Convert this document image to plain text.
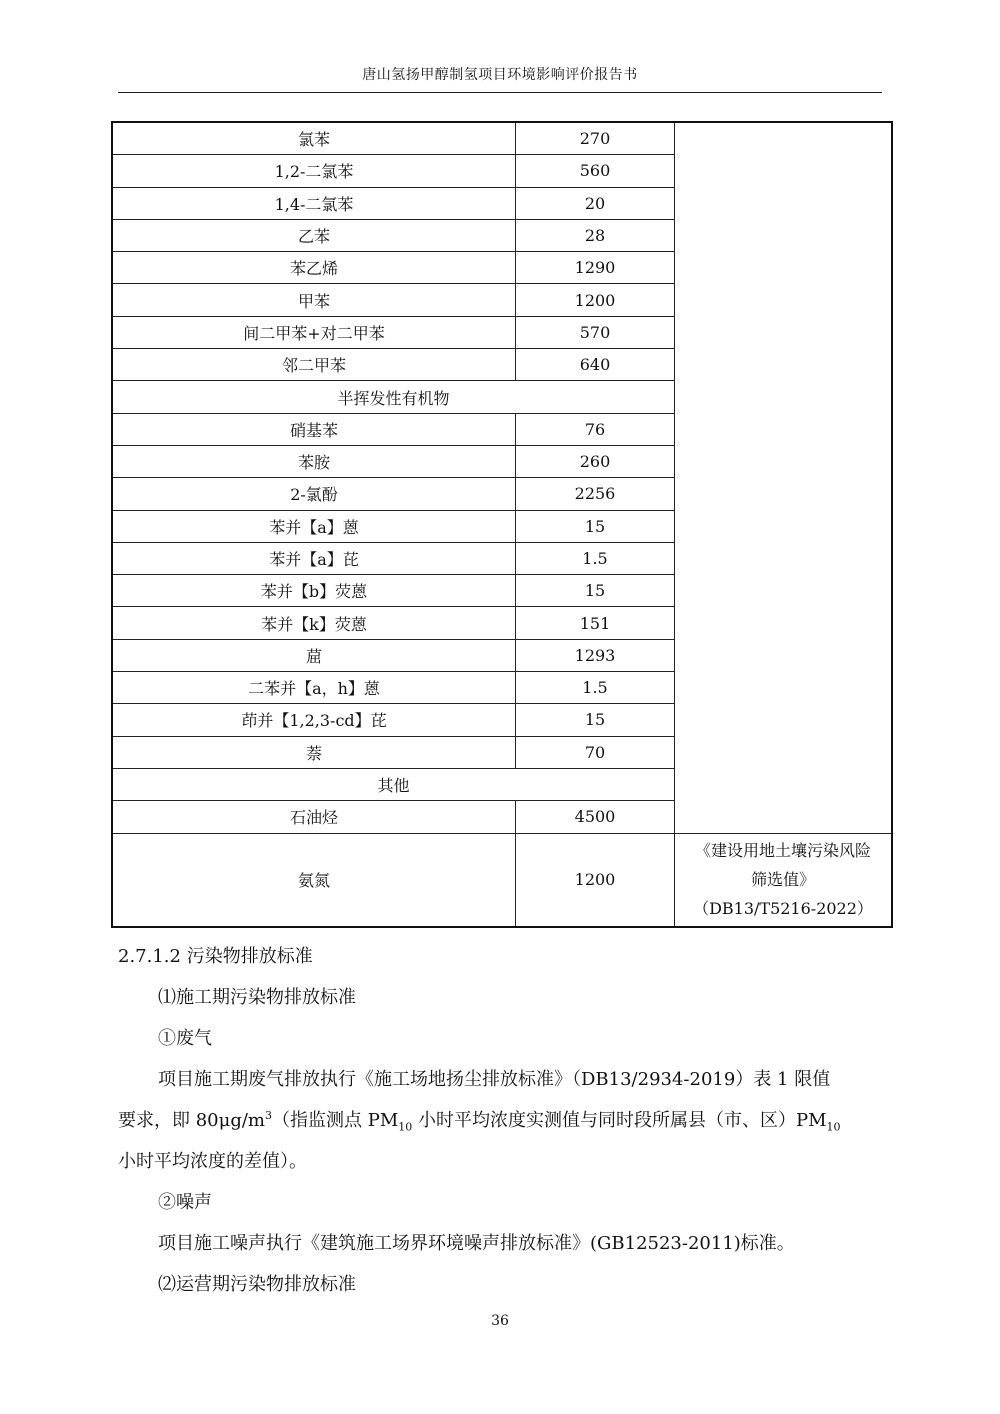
唐山氢扬甲醇制氢项目环境影响评价报告书
氯苯	270	
1,2-二氯苯	560	
1,4-二氯苯	20	
乙苯	28	
苯乙烯	1290	
甲苯	1200	
间二甲苯+对二甲苯	570	
邻二甲苯	640	
半挥发性有机物		
硝基苯	76	
苯胺	260	
2-氯酚	2256	
苯并【a】蒽	15	
苯并【a】芘	1.5	
苯并【b】荧蒽	15	
苯并【k】荧蒽	151	
䓛	1293	
二苯并【a，h】蒽	1.5	
茚并【1,2,3-cd】芘	15	
萘	70	
其他		
石油烃	4500	
氨氮	1200	《建设用地土壤污染风险
筛选值》
（DB13/T5216-2022）
2.7.1.2 污染物排放标准
⑴施工期污染物排放标准
①废气
项目施工期废气排放执行《施工场地扬尘排放标准》（DB13/2934-2019）表 1 限值
要求，即 $80\mu g/m^3$（指监测点 $PM_{10}$ 小时平均浓度实测值与同时段所属县（市、区）$PM_{10}$
小时平均浓度的差值）。
②噪声
项目施工噪声执行《建筑施工场界环境噪声排放标准》(GB12523-2011)标准。
⑵运营期污染物排放标准
36
